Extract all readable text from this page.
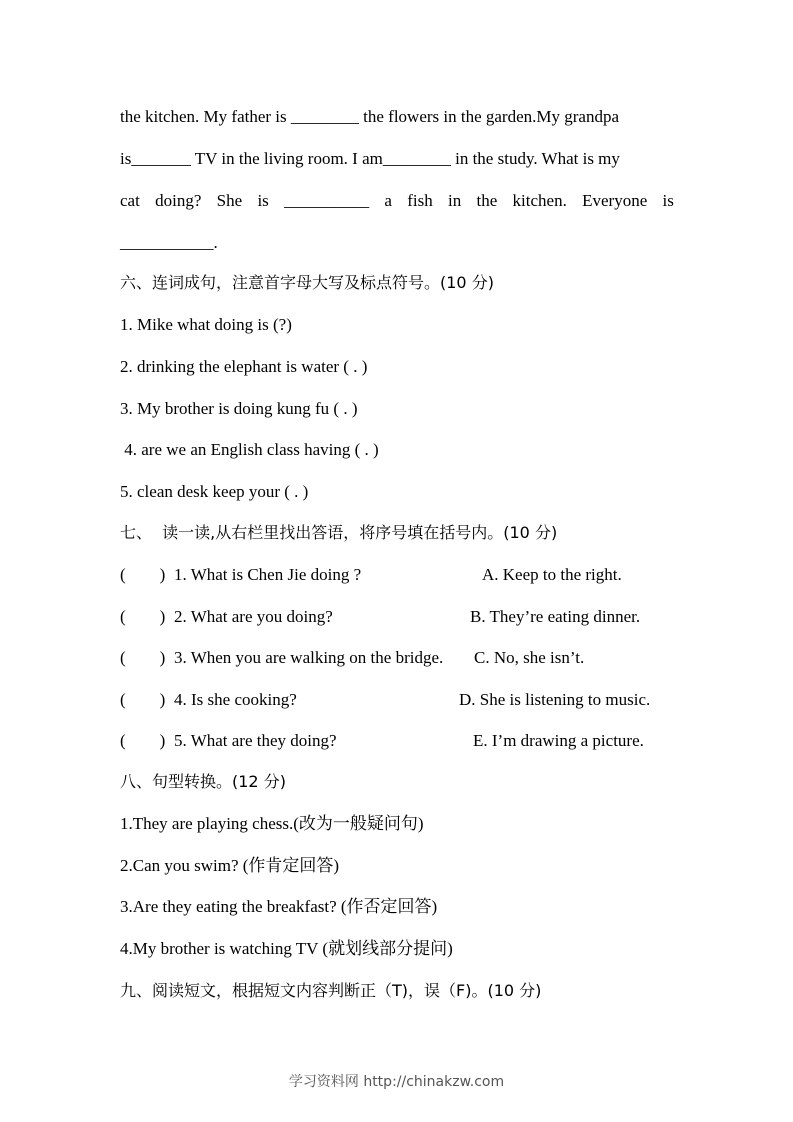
the kitchen. My father is ________ the flowers in the garden.My grandpa
is_______ TV in the living room. I am________ in the study. What is my
cat doing? She is __________ a fish in the kitchen. Everyone is
___________.
六、连词成句，注意首字母大写及标点符号。(10 分)
1. Mike what doing is (?)
2. drinking the elephant is water ( . )
3. My brother is doing kung fu ( . )
4. are we an English class having ( . )
5. clean desk keep your ( . )
七、  读一读,从右栏里找出答语，将序号填在括号内。(10 分)
(        ) 1. What is Chen Jie doing ?	A. Keep to the right.
(        ) 2. What are you doing?	B. They’re eating dinner.
(        ) 3. When you are walking on the bridge. C. No, she isn’t.
(        ) 4. Is she cooking?	D. She is listening to music.
(        ) 5. What are they doing?	E. I’m drawing a picture.
八、句型转换。(12 分)
1.They are playing chess.(改为一般疑问句)
2.Can you swim? (作肯定回答)
3.Are they eating the breakfast? (作否定回答)
4.My brother is watching TV (就划线部分提问)
九、阅读短文，根据短文内容判断正（T)，误（F)。(10 分)
学习资料网 http://chinakzw.com
